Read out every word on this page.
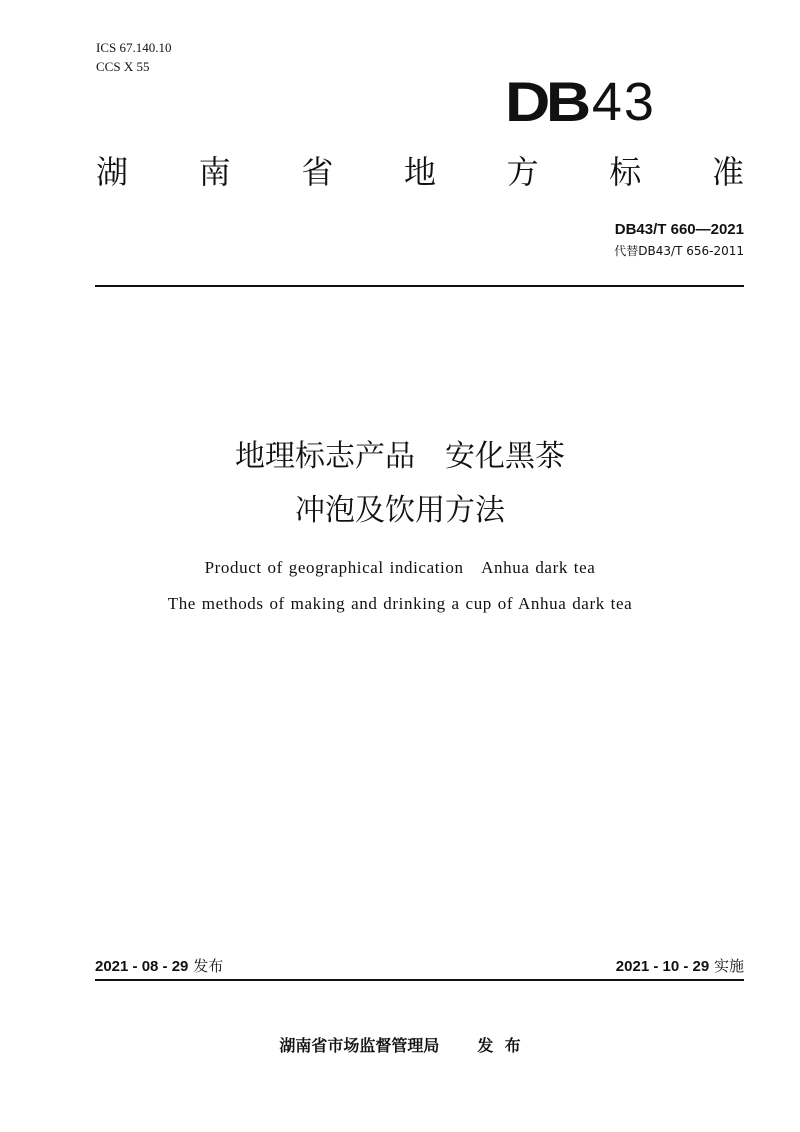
ICS 67.140.10
CCS X 55
DB 43
湖 南 省 地 方 标 准
DB43/T 660—2021
代替DB43/T 656-2011
地理标志产品　安化黑茶
冲泡及饮用方法
Product of geographical indication　Anhua dark tea
The methods of making and drinking a cup of Anhua dark tea
2021 - 08 - 29 发布	2021 - 10 - 29 实施
湖南省市场监督管理局 发  布
